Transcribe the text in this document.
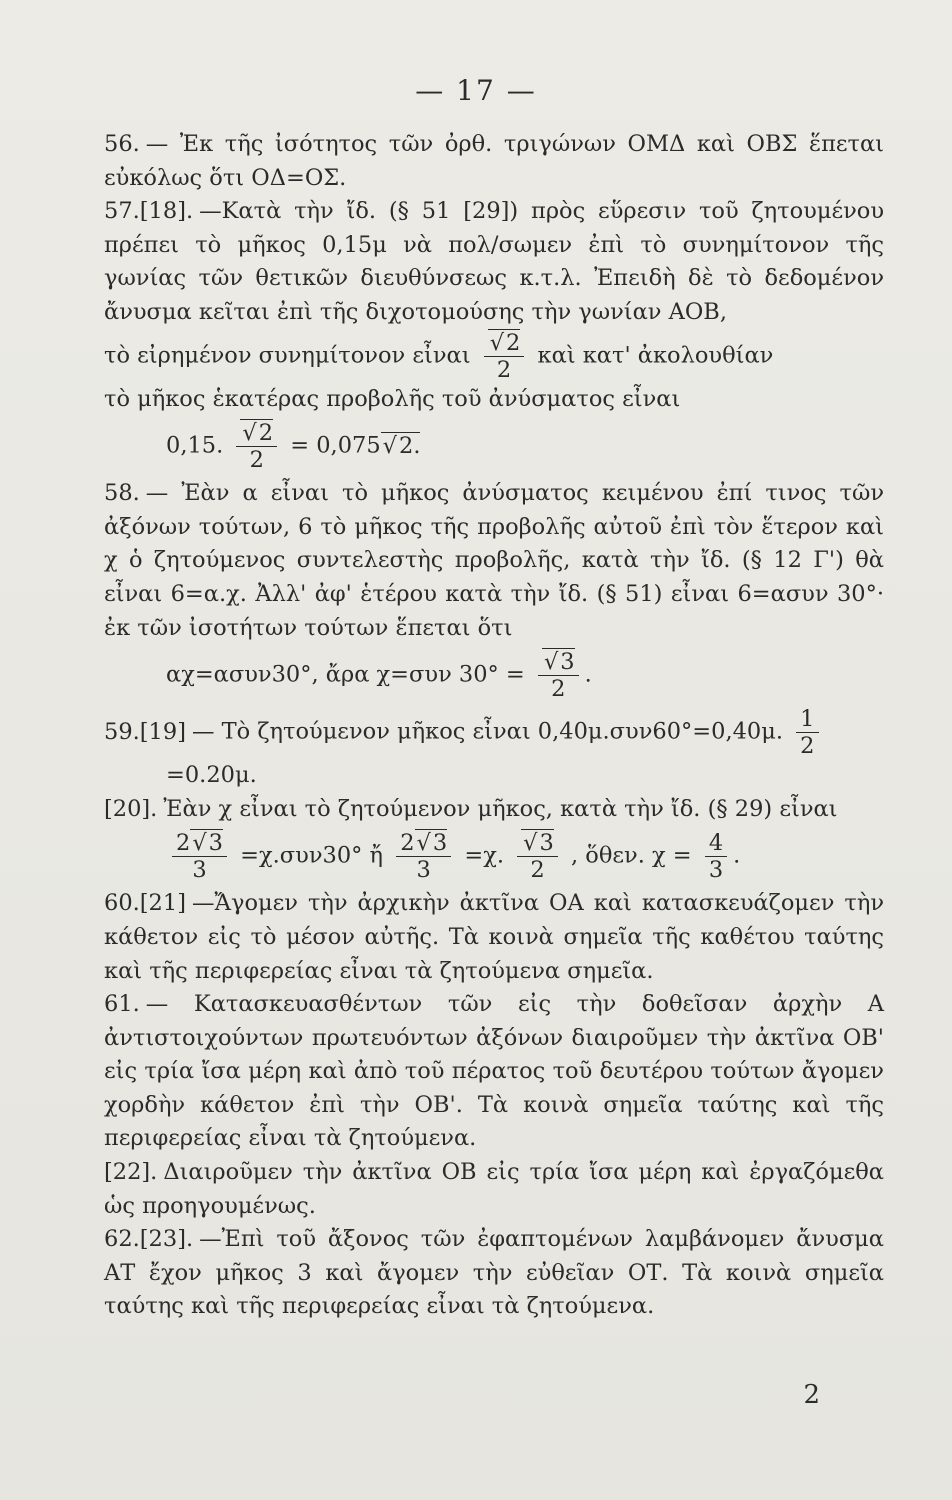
— 17 —

56. — Ἐκ τῆς ἰσότητος τῶν ὀρθ. τριγώνων ΟΜΔ καὶ ΟΒΣ ἕπεται εὐκόλως ὅτι ΟΔ=ΟΣ.

57.[18]. —Κατὰ τὴν ἴδ. (§ 51 [29]) πρὸς εὕρεσιν τοῦ ζητουμένου πρέπει τὸ μῆκος 0,15μ νὰ πολ/σωμεν ἐπὶ τὸ συνημίτονον τῆς γωνίας τῶν θετικῶν διευθύνσεως κ.τ.λ. Ἐπειδὴ δὲ τὸ δεδομένον ἄνυσμα κεῖται ἐπὶ τῆς διχοτομούσης τὴν γωνίαν ΑΟΒ,
τὸ εἰρημένον συνημίτονον εἶναι
√ $\frac{2}{2}$ καὶ κατ' ἀκολουθίαν
τὸ μῆκος ἑκατέρας προβολῆς τοῦ ἀνύσματος εἶναι
0,15.
√ $\frac{2}{2} = 0,075√$ 2.

58. — Ἐὰν α εἶναι τὸ μῆκος ἀνύσματος κειμένου ἐπί τινος τῶν ἀξόνων τούτων, 6 τὸ μῆκος τῆς προβολῆς αὐτοῦ ἐπὶ τὸν ἕτερον καὶ χ ὁ ζητούμενος συντελεστὴς προβολῆς, κατὰ τὴν ἴδ. (§ 12 Γ') θὰ εἶναι 6=α.χ. Ἀλλ' ἀφ' ἑτέρου κατὰ τὴν ἴδ. (§ 51) εἶναι 6=ασυν 30°· ἐκ τῶν ἰσοτήτων τούτων ἕπεται ὅτι
αχ=ασυν30°, ἄρα χ=συν 30° =
√ $\frac{3}{2}$ .

59.[19] — Τὸ ζητούμενον μῆκος εἶναι 0,40μ.συν60°=0,40μ. $\frac{1}{2}$
=0.20μ.

[20]. Ἐὰν χ εἶναι τὸ ζητούμενον μῆκος, κατὰ τὴν ἴδ. (§ 29) εἶναι
$\frac{2√ 3}{3} =\chi.\sigma\upsilon\nu 30^\circ$ ἤ $\frac{2√ 3}{3} =\chi$.
√ $\frac{3}{2}$ , ὅθεν. $\chi = \frac{4}{3}$ .

60.[21] —Ἄγομεν τὴν ἀρχικὴν ἀκτῖνα ΟΑ καὶ κατασκευάζομεν τὴν κάθετον εἰς τὸ μέσον αὐτῆς. Τὰ κοινὰ σημεῖα τῆς καθέτου ταύτης καὶ τῆς περιφερείας εἶναι τὰ ζητούμενα σημεῖα.

61. — Κατασκευασθέντων τῶν εἰς τὴν δοθεῖσαν ἀρχὴν Α ἀντιστοιχούντων πρωτευόντων ἀξόνων διαιροῦμεν τὴν ἀκτῖνα ΟΒ' εἰς τρία ἴσα μέρη καὶ ἀπὸ τοῦ πέρατος τοῦ δευτέρου τούτων ἄγομεν χορδὴν κάθετον ἐπὶ τὴν ΟΒ'. Τὰ κοινὰ σημεῖα ταύτης καὶ τῆς περιφερείας εἶναι τὰ ζητούμενα.

[22]. Διαιροῦμεν τὴν ἀκτῖνα ΟΒ εἰς τρία ἴσα μέρη καὶ ἐργαζόμεθα ὡς προηγουμένως.

62.[23]. —Ἐπὶ τοῦ ἄξονος τῶν ἐφαπτομένων λαμβάνομεν ἄνυσμα ΑΤ ἔχον μῆκος 3 καὶ ἄγομεν τὴν εὐθεῖαν ΟΤ. Τὰ κοινὰ σημεῖα ταύτης καὶ τῆς περιφερείας εἶναι τὰ ζητούμενα.

2
